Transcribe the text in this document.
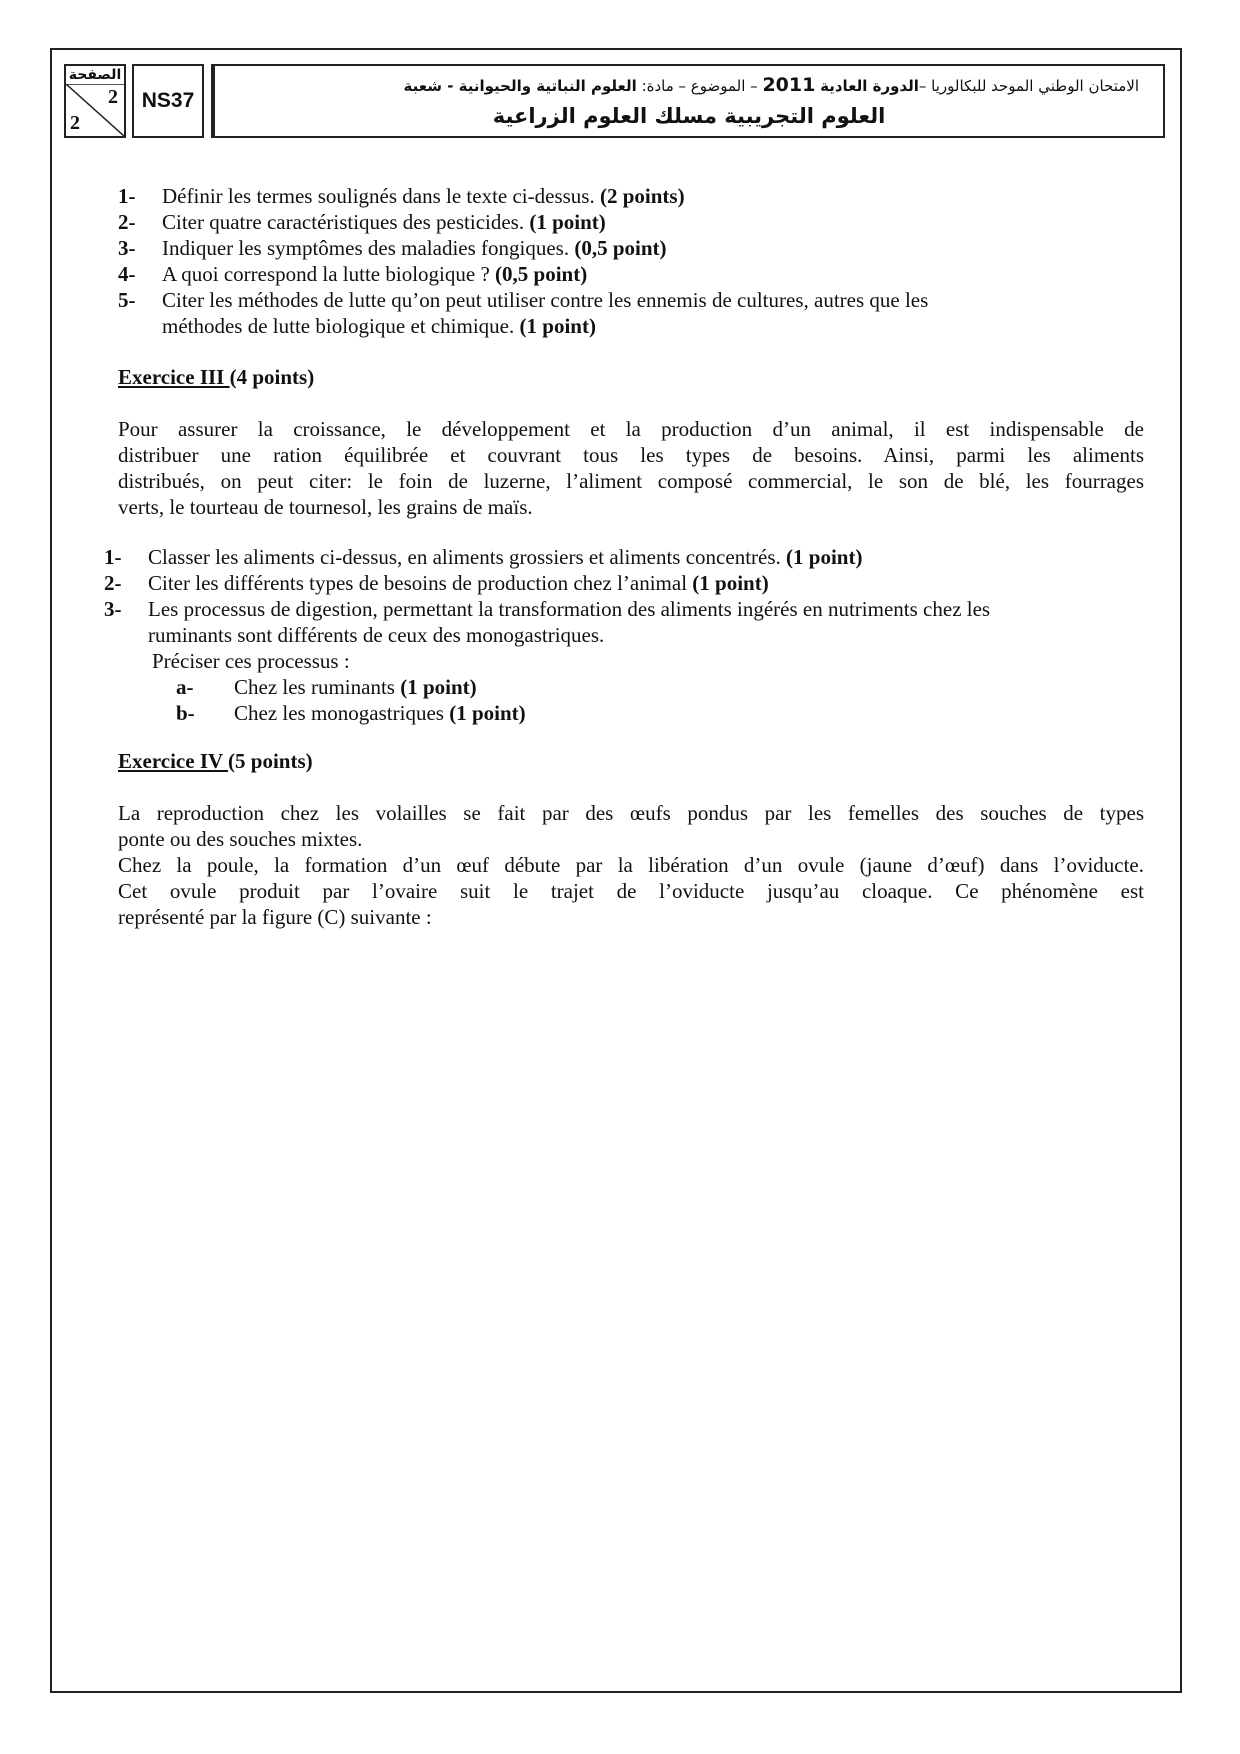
الصفحة
2
2
NS37
الامتحان الوطني الموحد للبكالوريا –الدورة العادية 2011 – الموضوع – مادة: العلوم النباتية والحيوانية - شعبة
العلوم التجريبية مسلك العلوم الزراعية
1- Définir les termes soulignés dans le texte ci-dessus. (2 points)
2- Citer quatre caractéristiques des pesticides. (1 point)
3- Indiquer les symptômes des maladies fongiques. (0,5 point)
4- A quoi correspond la lutte biologique ? (0,5 point)
5- Citer les méthodes de lutte qu’on peut utiliser contre les ennemis de cultures, autres que les
méthodes de lutte biologique et chimique. (1 point)
Exercice III (4 points)
Pour assurer la croissance, le développement et la production d’un animal, il est indispensable de
distribuer une ration équilibrée et couvrant tous les types de besoins. Ainsi, parmi les aliments
distribués, on peut citer: le foin de luzerne, l’aliment composé commercial, le son de blé, les fourrages
verts, le tourteau de tournesol, les grains de maïs.
1- Classer les aliments ci-dessus, en aliments grossiers et aliments concentrés. (1 point)
2- Citer les différents types de besoins de production chez l’animal (1 point)
3- Les processus de digestion, permettant la transformation des aliments ingérés en nutriments chez les
ruminants sont différents de ceux des monogastriques.
Préciser ces processus :
a- Chez les ruminants (1 point)
b- Chez les monogastriques (1 point)
Exercice IV (5 points)
La reproduction chez les volailles se fait par des œufs pondus par les femelles des souches de types
ponte ou des souches mixtes.
Chez la poule, la formation d’un œuf débute par la libération d’un ovule (jaune d’œuf) dans l’oviducte.
Cet ovule produit par l’ovaire suit le trajet de l’oviducte jusqu’au cloaque. Ce phénomène est
représenté par la figure (C) suivante :
